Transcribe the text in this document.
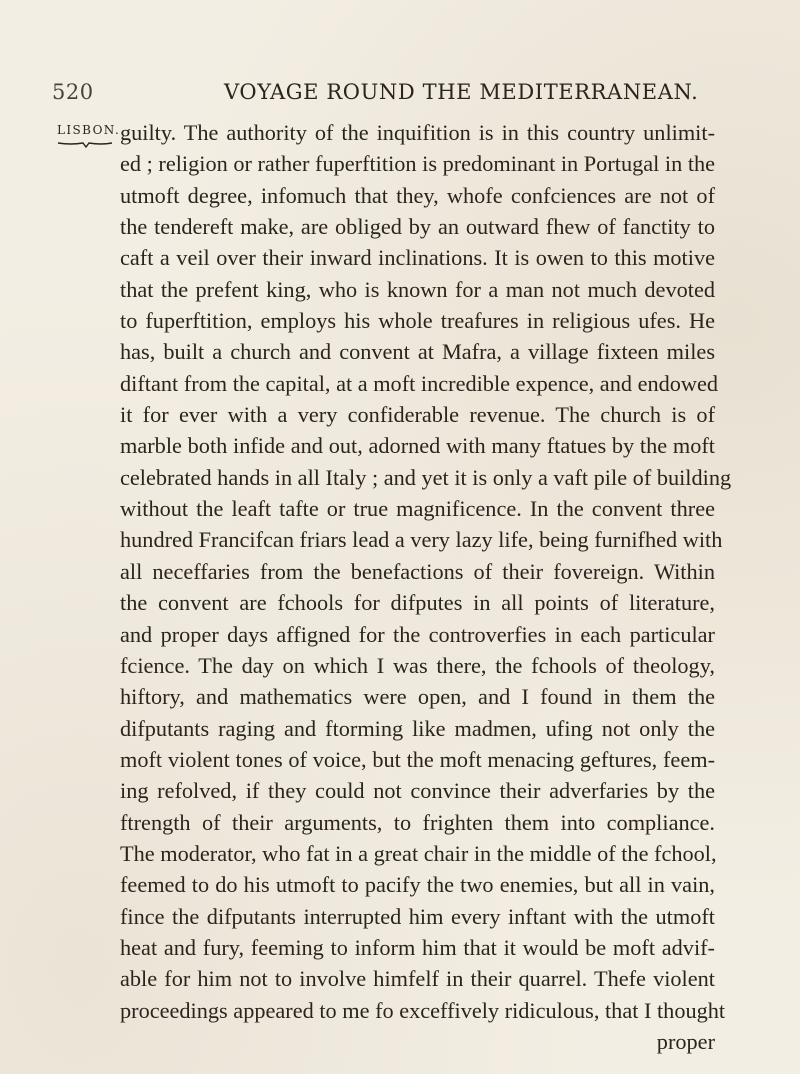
520	VOYAGE ROUND THE MEDITERRANEAN.
LISBON. guilty. The authority of the inquifition is in this country unlimit-
ed ; religion or rather fuperftition is predominant in Portugal in the
utmoft degree, infomuch that they, whofe confciences are not of
the tendereft make, are obliged by an outward fhew of fanctity to
caft a veil over their inward inclinations. It is owen to this motive
that the prefent king, who is known for a man not much devoted
to fuperftition, employs his whole treafures in religious ufes. He
has, built a church and convent at Mafra, a village fixteen miles
diftant from the capital, at a moft incredible expence, and endowed
it for ever with a very confiderable revenue. The church is of
marble both infide and out, adorned with many ftatues by the moft
celebrated hands in all Italy ; and yet it is only a vaft pile of building
without the leaft tafte or true magnificence. In the convent three
hundred Francifcan friars lead a very lazy life, being furnifhed with
all neceffaries from the benefactions of their fovereign. Within
the convent are fchools for difputes in all points of literature,
and proper days affigned for the controverfies in each particular
fcience. The day on which I was there, the fchools of theology,
hiftory, and mathematics were open, and I found in them the
difputants raging and ftorming like madmen, ufing not only the
moft violent tones of voice, but the moft menacing geftures, feem-
ing refolved, if they could not convince their adverfaries by the
ftrength of their arguments, to frighten them into compliance.
The moderator, who fat in a great chair in the middle of the fchool,
feemed to do his utmoft to pacify the two enemies, but all in vain,
fince the difputants interrupted him every inftant with the utmoft
heat and fury, feeming to inform him that it would be moft advif-
able for him not to involve himfelf in their quarrel. Thefe violent
proceedings appeared to me fo exceffively ridiculous, that I thought
proper
